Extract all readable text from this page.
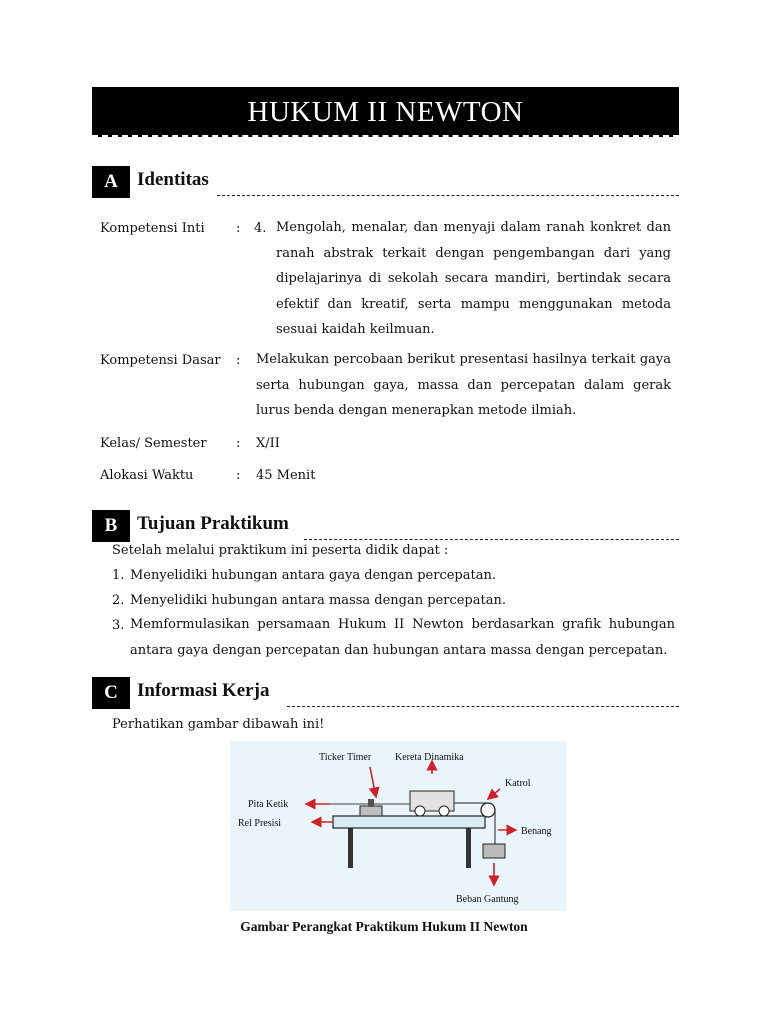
HUKUM II NEWTON
A	Identitas
Kompetensi Inti : 4. Mengolah, menalar, dan menyaji dalam ranah konkret dan ranah abstrak terkait dengan pengembangan dari yang dipelajarinya di sekolah secara mandiri, bertindak secara efektif dan kreatif, serta mampu menggunakan metoda sesuai kaidah keilmuan.
Kompetensi Dasar : Melakukan percobaan berikut presentasi hasilnya terkait gaya serta hubungan gaya, massa dan percepatan dalam gerak lurus benda dengan menerapkan metode ilmiah.
Kelas/ Semester : X/II
Alokasi Waktu	: 45 Menit
B	Tujuan Praktikum
Setelah melalui praktikum ini peserta didik dapat :
1. Menyelidiki hubungan antara gaya dengan percepatan.
2. Menyelidiki hubungan antara massa dengan percepatan.
3. Memformulasikan persamaan Hukum II Newton berdasarkan grafik hubungan antara gaya dengan percepatan dan hubungan antara massa dengan percepatan.
C	Informasi Kerja
Perhatikan gambar dibawah ini!
Ticker Timer Kereta Dinamika
Katrol
Pita Ketik
Rel Presisi
Benang
Beban Gantung
Gambar Perangkat Praktikum Hukum II Newton
